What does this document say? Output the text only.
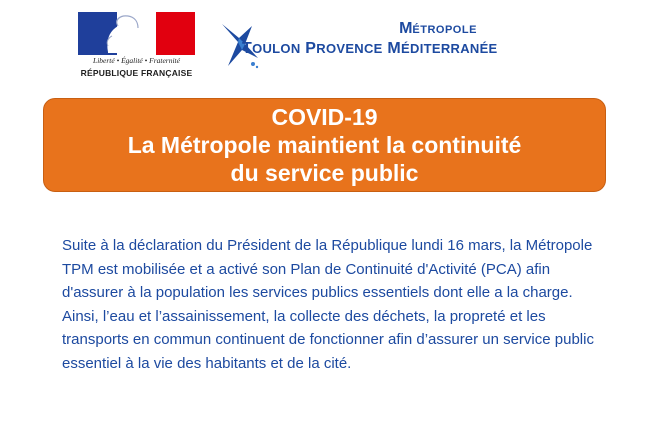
Liberté • Égalité • Fraternité
RÉPUBLIQUE FRANÇAISE
MÉTROPOLE
TOULON PROVENCE MÉDITERRANÉE
COVID-19
La Métropole maintient la continuité
du service public

Suite à la déclaration du Président de la République lundi 16 mars, la Métropole TPM est mobilisée et a activé son Plan de Continuité d'Activité (PCA) afin d'assurer à la population les services publics essentiels dont elle a la charge.

Ainsi, l’eau et l’assainissement, la collecte des déchets, la propreté et les transports en commun continuent de fonctionner afin d’assurer un service public essentiel à la vie des habitants et de la cité.
